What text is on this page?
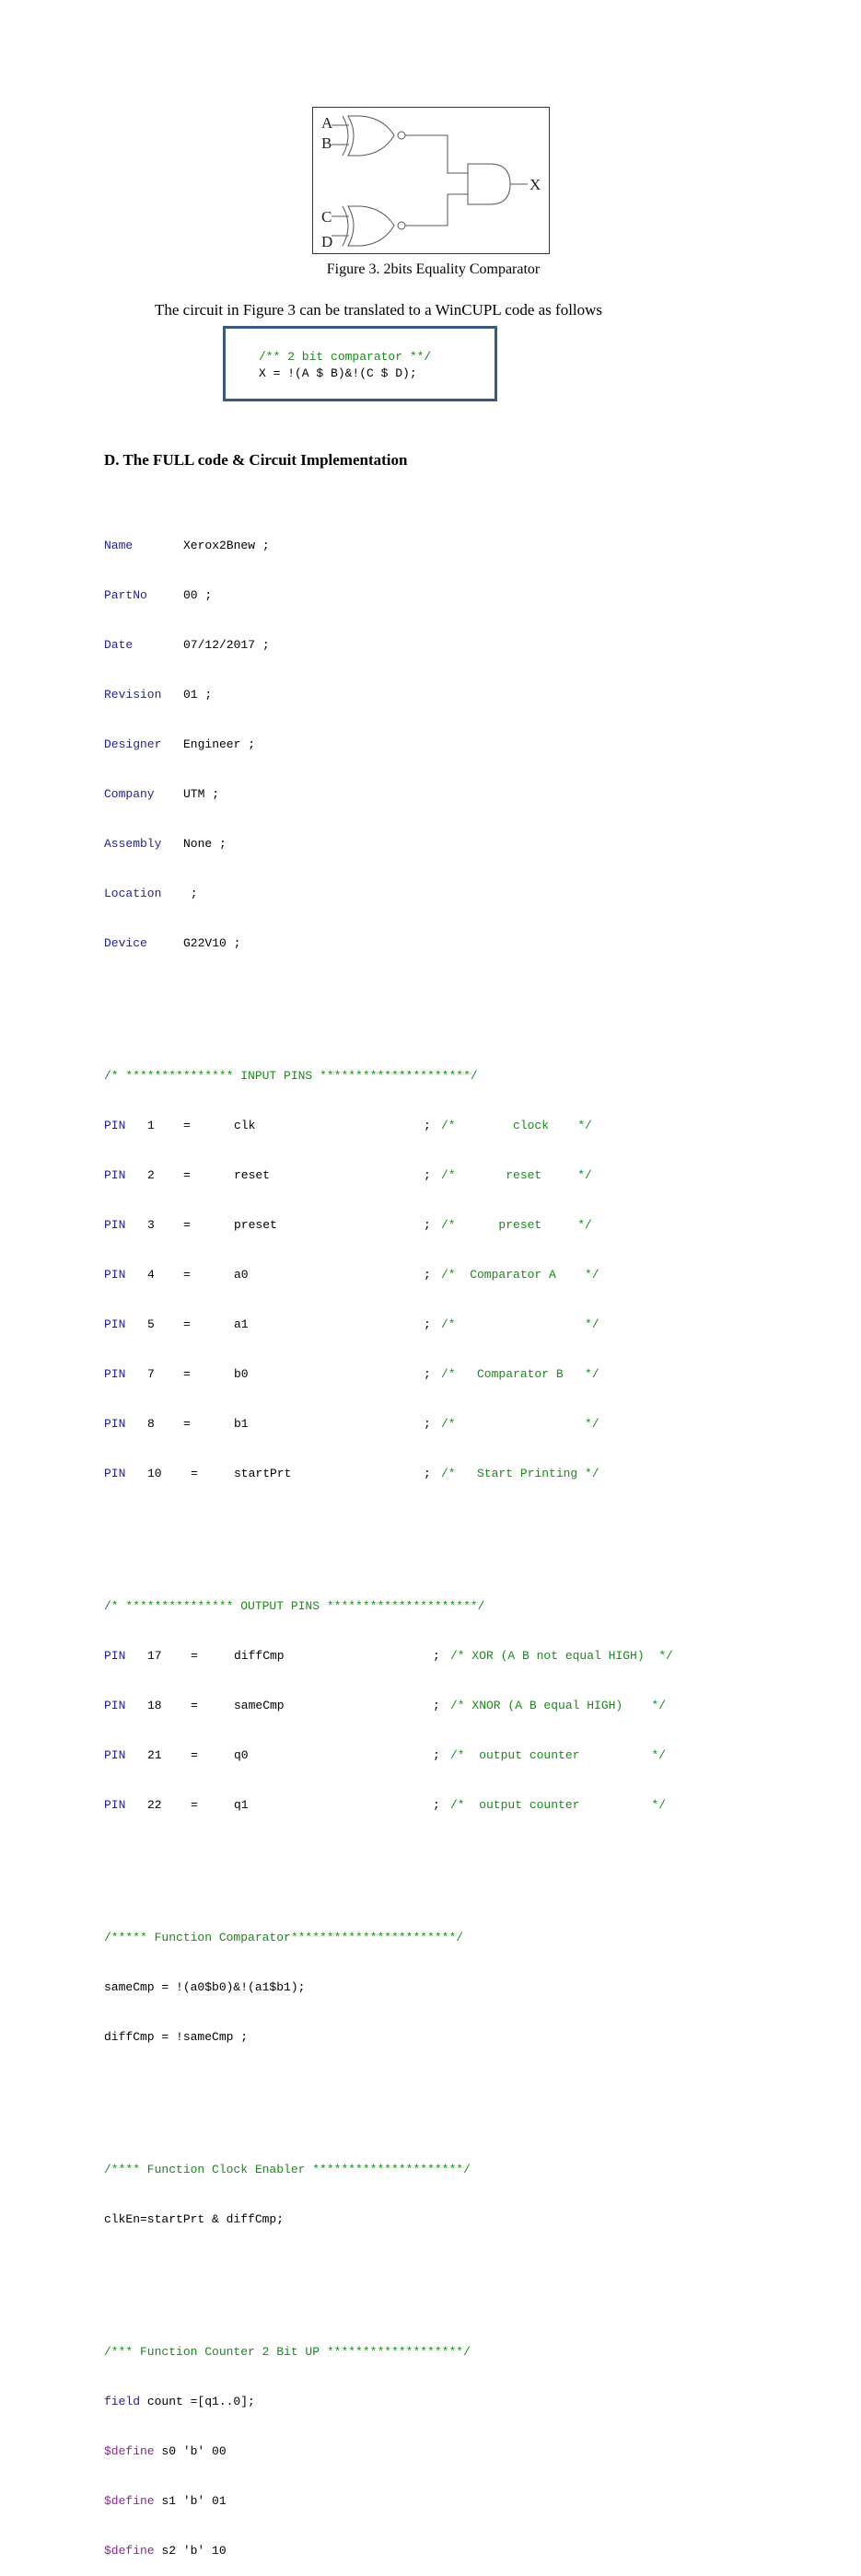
A
B
C
D
X
Figure 3. 2bits Equality Comparator
The circuit in Figure 3 can be translated to a WinCUPL code as follows
/** 2 bit comparator **/
X = !(A $ B)&!(C $ D);
D. The FULL code & Circuit Implementation

Name	Xerox2Bnew ;

PartNo	00 ;

Date	07/12/2017 ;

Revision 01 ;

Designer Engineer ;

Company UTM ;

Assembly None ;

Location ;

Device	G22V10 ;

/* *************** INPUT PINS *********************/

PIN 1 =	clk	; /*        clock    */

PIN 2 =	reset	; /*       reset     */

PIN 3 =	preset	; /*      preset     */

PIN 4 =	a0	; /*  Comparator A    */

PIN 5 =	a1	; /*                  */

PIN 7 =	b0	; /*   Comparator B   */

PIN 8 =	b1	; /*                  */

PIN 10 =	startPrt	; /*   Start Printing */

/* *************** OUTPUT PINS *********************/

PIN 17 =	diffCmp	; /* XOR (A B not equal HIGH)  */

PIN 18 =	sameCmp	; /* XNOR (A B equal HIGH)    */

PIN 21 =	q0	; /*  output counter          */

PIN 22 =	q1	; /*  output counter          */

/***** Function Comparator***********************/

sameCmp = !(a0$b0)&!(a1$b1);

diffCmp = !sameCmp ;

/**** Function Clock Enabler *********************/

clkEn=startPrt & diffCmp;

/*** Function Counter 2 Bit UP *******************/

field count =[q1..0];

$define s0 'b' 00

$define s1 'b' 01

$define s2 'b' 10
